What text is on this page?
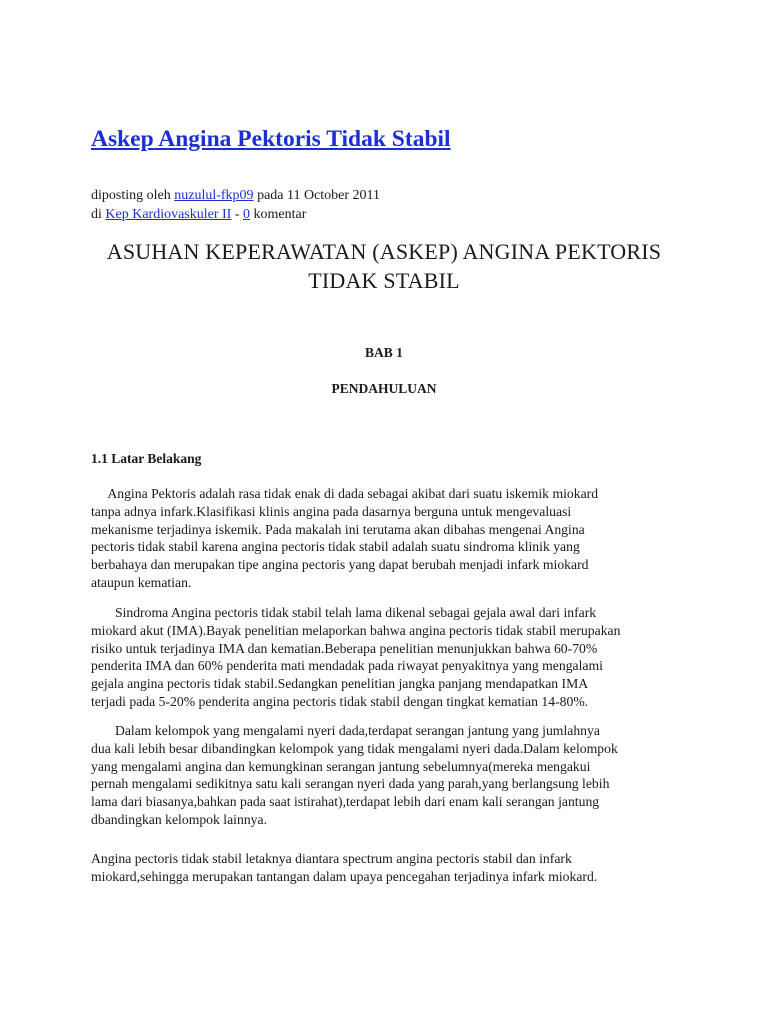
Askep Angina Pektoris Tidak Stabil
diposting oleh nuzulul-fkp09 pada 11 October 2011
di Kep Kardiovaskuler II - 0 komentar
ASUHAN KEPERAWATAN (ASKEP) ANGINA PEKTORIS
TIDAK STABIL

BAB 1

PENDAHULUAN

1.1 Latar Belakang

Angina Pektoris adalah rasa tidak enak di dada sebagai akibat dari suatu iskemik miokard
tanpa adnya infark.Klasifikasi klinis angina pada dasarnya berguna untuk mengevaluasi
mekanisme terjadinya iskemik. Pada makalah ini terutama akan dibahas mengenai Angina
pectoris tidak stabil karena angina pectoris tidak stabil adalah suatu sindroma klinik yang
berbahaya dan merupakan tipe angina pectoris yang dapat berubah menjadi infark miokard
ataupun kematian.

Sindroma Angina pectoris tidak stabil telah lama dikenal sebagai gejala awal dari infark
miokard akut (IMA).Bayak penelitian melaporkan bahwa angina pectoris tidak stabil merupakan
risiko untuk terjadinya IMA dan kematian.Beberapa penelitian menunjukkan bahwa 60-70%
penderita IMA dan 60% penderita mati mendadak pada riwayat penyakitnya yang mengalami
gejala angina pectoris tidak stabil.Sedangkan penelitian jangka panjang mendapatkan IMA
terjadi pada 5-20% penderita angina pectoris tidak stabil dengan tingkat kematian 14-80%.

Dalam kelompok yang mengalami nyeri dada,terdapat serangan jantung yang jumlahnya
dua kali lebih besar dibandingkan kelompok yang tidak mengalami nyeri dada.Dalam kelompok
yang mengalami angina dan kemungkinan serangan jantung sebelumnya(mereka mengakui
pernah mengalami sedikitnya satu kali serangan nyeri dada yang parah,yang berlangsung lebih
lama dari biasanya,bahkan pada saat istirahat),terdapat lebih dari enam kali serangan jantung
dbandingkan kelompok lainnya.

Angina pectoris tidak stabil letaknya diantara spectrum angina pectoris stabil dan infark
miokard,sehingga merupakan tantangan dalam upaya pencegahan terjadinya infark miokard.
